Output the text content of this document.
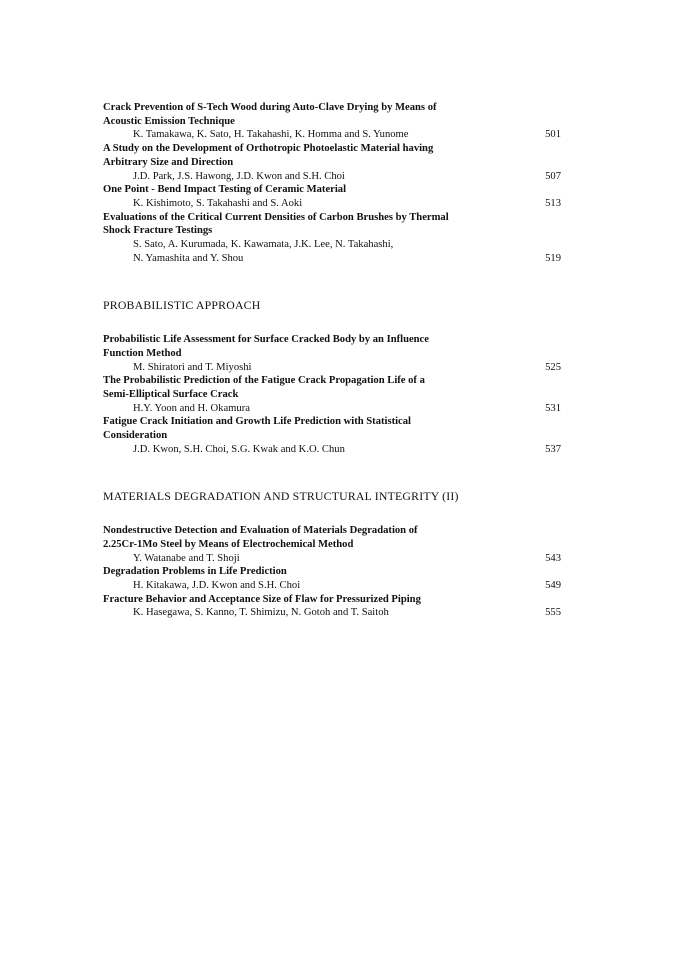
Crack Prevention of S-Tech Wood during Auto-Clave Drying by Means of
Acoustic Emission Technique
K. Tamakawa, K. Sato, H. Takahashi, K. Homma and S. Yunome	501
A Study on the Development of Orthotropic Photoelastic Material having
Arbitrary Size and Direction
J.D. Park, J.S. Hawong, J.D. Kwon and S.H. Choi	507
One Point - Bend Impact Testing of Ceramic Material
K. Kishimoto, S. Takahashi and S. Aoki	513
Evaluations of the Critical Current Densities of Carbon Brushes by Thermal
Shock Fracture Testings
S. Sato, A. Kurumada, K. Kawamata, J.K. Lee, N. Takahashi,
N. Yamashita and Y. Shou	519
PROBABILISTIC APPROACH
Probabilistic Life Assessment for Surface Cracked Body by an Influence
Function Method
M. Shiratori and T. Miyoshi	525
The Probabilistic Prediction of the Fatigue Crack Propagation Life of a
Semi-Elliptical Surface Crack
H.Y. Yoon and H. Okamura	531
Fatigue Crack Initiation and Growth Life Prediction with Statistical
Consideration
J.D. Kwon, S.H. Choi, S.G. Kwak and K.O. Chun	537
MATERIALS DEGRADATION AND STRUCTURAL INTEGRITY (II)
Nondestructive Detection and Evaluation of Materials Degradation of
2.25Cr-1Mo Steel by Means of Electrochemical Method
Y. Watanabe and T. Shoji	543
Degradation Problems in Life Prediction
H. Kitakawa, J.D. Kwon and S.H. Choi	549
Fracture Behavior and Acceptance Size of Flaw for Pressurized Piping
K. Hasegawa, S. Kanno, T. Shimizu, N. Gotoh and T. Saitoh	555
